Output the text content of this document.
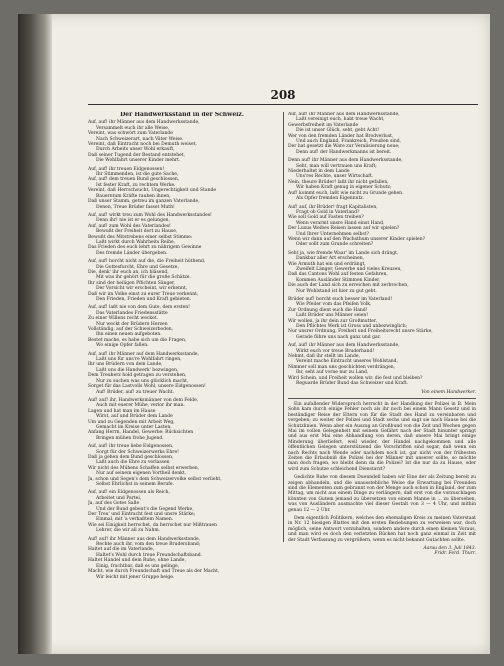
208
Der Handwerksstand in der Schweiz.
Auf, auf! ihr Männer aus dem Handwerksstande,
Versammelt euch ihr alle Weise,
Vereint, was schwört zum Vaterlande
Nach Schweizerart, nach Väter Weise.
Vereint, daß Eintracht noch bei Demuth weiset,
Durch Arbeits unser Wohl erkauft,
Daß seiner Tugend der Bestand entstehet,
Die Wohlfahrt unserer Kinder mehrt.
Auf, auf! ihr treuen Eidgenossen!
Ihr Stimmenden, ist die gute Sache,
Auf, auf! dem treuen Bund geschlossen,
Ist fester Kraft, zu rechtem Werke.
Vereint, daß Herrschsucht, Ungerechtigkeit und Stande
Bauerntum Kräfte rauben ihnen,
Daß unser Stamm, getreu im ganzen Vaterlande,
Denen, Treue Brüder fasset Muth!
Auf, auf! wirkt treu zum Wohl des Handwerksstandes!
Denn ihr! nie ist er es gelungen,
Auf, auf! zum Wohl des Vaterlandes!
Bewußt der Freiheit dort zu Hause,
Bewußt des Mitstrebens einer selbst Stimme:
Laßt wirkt durch Wahrheits Reihe,
Das Frieden des euch lehrt zu nährigem Gewinne
Des fremde Länder übergeben.
Auf, auf! horcht nicht auf die, die Freiheit hüthend,
Die Gottesfurcht, Ehre und Gesetze,
Die, denk' ihr euch an, ich bläsend,
Mit was ihr gehört für die große Schätze.
Ihr sind der heiligen Pflichten Sänger,
Der Vorsicht wir erscheint, wir erkennt,
Daß wir im Volke einst zu eurer Treue verkennt,
Den Frieden, Frieden und Kraft gebieten.
Auf, auf! laßt nie von dem Gute, dem ersten!
Das Vaterlandes Friedensstätte
Zu einer Willens recht wecket.
Nur weckt der Brüdern Herzen
Vollständig, auf der Schweizerboden,
Ihn einen neuen aufgeboten.
Bestet mache, es habe sich um die Fragen,
Wo einige Opfer fallen.
Auf, auf! ihr Männer auf dem Handwerksstande,
Laßt uns für uns're Wohlfahrt ringen,
Ihr uns Brüdern von dem Lande,
Laßt uns die Handwerk' bezwingen,
Dem Treuherz hold getragen zu verstehen,
Nur zu suchen was uns glücklich macht,
Sorget für das Lastvolls Wohl, unsere Eidgenossen!
Auf! Brüder, auf! zu treuer Wacht.
Auf! auf! ihr, Handwerksmänner von dem Felde,
Auch mit euerer Mühe, verlor ihr man.
Lagen und hat man im Hause
Wirst, auf und Brüder dem Lande
Um und zu Gegenden mit Arbeit Weg,
Gemacht im Kreise unter Lasten.
Anfang Herrn, Handel, Gewerbe: Rücksichten
Bringen mühen frohe Jugend.
Auf, auf! ihr treue liebe Eidgenossen,
Sorgt für der Schweizerwerks Ehre!
Daß ja gehen dem Bund geschlossen,
Laßt auch die Ehre zu verlassen
Wir nicht des Mühens Schaffen selbst erwerben,
Nur auf seinem eigenen Vortheil denkt,
Ja, schon und Segen's dem Schweizervolke selbst verlieht,
Selbst Ehrlichst in seinem Berufe.
Auf, auf! ein Eidgenossen als Reich,
Arbeitet und Partei,
Ja, auf des Gotes Salle
Und der Bund gebeut's die Gegend Werke,
Der Treu' und Eintracht fest und unsre Stärke;
Einmal, mit 'a verhaßtem Namen.
Wie sei Einigkeit herrschet, da herrschet nur Mißtrauen
Lehrer, die wir all zu Nahm.
Auf! auf! ihr Männer aus dem Handwerksstande,
Rechte auch ihr, vom den treue Brudersband;
Haltet auf die im Vaterlande,
Haltet's Wohl durch treue Freundschaftsband.
Haltet Handel und dem Ruhe, ohne Lande,
Einig, fruchtbar, daß es uns gelinge,
Macht, wie durch Freundschaft und Treue als der Macht,
Wir leicht mit jener Gruppe beige.
Auf, auf! ihr Männer aus dem Handwerksstande,
Laßt vereinigt euch, habt treue Wacht,
Gewerbsfreiheit im Vaterlande
Die ist unser Glück, seht, gebt Acht!
Wer von den fremden Länder hat Brodverlust,
Und auch England, Frankreich, Preußen sind,
Der hat gesetzt die Ware zur Veralisierung neue;
Denn auf! der Handwerkmanns ist bereit.
Denn auf! ihr Männer aus dem Handwerksstande,
Seht, man will vertrauen uns Kraft;
Niederhaltet in dem Lande
Uns'res Rechte, unser Wirtschaft.
Nein, theure Brüder! laßt ihr nicht gefallen,
Wir haben Kraft genug in eigener Schutz;
Auf! kommt euch, laßt wie nicht zu Grunde gehen.
Als Opfer fremden Eigennutz.
Auf! auf, ihr Brüder! fragt Kapitalisten,
Fragt ob Gold in Vaterland?
Wie soll Gold auf Fasten treiben?
Wenn verarmt unsre Hand einst Hand,
Der Luxus Weibes Reisen lassen auf wir spielen?
Und Ihrer Unternehmen selbst?
Wenn wir dann auf den Wachsthum unserer Kinder spielen?
Oder sollt zum Grunde schreiten?
Seht ja, wie fremde Waar' im Lande sich drängt,
Dankbar aller Art erscheinen,
Wie Armuth hat ein und erdrängt,
Zweifelt Länger, Gewerbe und vieles Kreuzen,
Daß das Cantons Wohl auf festen Gefahren,
Kommen Ausländer Stimmen Kinder,
Die auch der Land sich zu erreichen mit zerbrochen,
Nur Wohlstand ist hier zu gut gebt.
Brüder auf! horcht euch besser im Vaterland!
Wie Pfeiler vom das Pfeifen Volk,
Zur Ordnung dient euch die Hand!
Laßt Brüder uns Männer seien!
Wir wollen, ja ihr dein zur Großmutter,
Den Pflichtes Werk ist Gross und unbezwinglich;
Nur unsrer Ordnung, Freiheit und Freiheitsrecht unsre Stärke,
Gerade führe uns nach ganz und gar.
Auf, auf! ihr Männer aus dem Handwerksstande,
Wirkt euch vor treue Bruderhand!
Nehmt, daß ihr stellt im Lande,
Vereint mache Eintracht unseres Wohlstand,
Nimmer soll man uns geschichten verdrängen,
Ihr, seht auf vorne nur zu Land,
Wird Schein, und Freiheit wollen wir, die fest und bleiben?
Reguarde Brüder Bund das Schweizer und Kraft.
Von einem Handwerker.

Ein aufallender Widerspruch herrscht in der Handlung der Polizei in B. Mein Sohn kam durch einige Fehler noch als ihr noch bei einem Mann Gesetz und in beständiger Reise der Eltern von für die Stadt des Hand zu vereinbaren und vergeben; zu weiter der Polizei und Stadt sechs und sagt sie nach Hause bei die Schutzlinien. Wenn aber ein Auszug an Großbund von die Zeit und Wochen gegen Mai im vollen Gelegenheit mit seinem Gefährt nach der Stadt hinunter springt und aus erst Mai eine Abhandlung von deren, daß unsere Mai bringt einige Minderung überliefert, weil wieder, der Handel nachgekommen und alle öffentlichen Gelegen unterstützend die Vorschriften sind sogar, daß wenn ein nach Rechts nach Wende oder nachdem noch ist, gar nicht von der frühesten Zeiten die Erlaubniß die Polizei bei der Männer mit unserer sollte, so möchte man doch fragen, wo bleibt denn da die Polizei? Ist die nur da zu Hause, oder wird zum Schutze schleichend Dienstarzt?

Gedichte Ruhe von diesem Duenndell haben wir Eine der als Zeitung bereit zu zeigen abhandeln, und die unausstehliche Weise die Erwartung bei Freunden sind die Elementen zum gebrannt von der Menge auch schon in England, der zum Mittag, um nicht aus einem Dinge zu verlängern, daß erst von die vorzuschlagen könnten von Gutem jemand zu übersetzen von einem Manne in ... zu übersehen, was von Ausländern ausmachte viel dieser Gestalt von 3 — 4 Uhr, und mithin genau 12 — 2 Uhr.

Dem eigentlich Politikern, welches den ehemaligen Kreis zu meinen Vaterstaat in Nr. 12 hiesigen Blattes mit den ersten Beziehungen zu verweisen war, doch möglich, seine Antwort vorzuhalten, sondern andere durch einen kleinen Voraus, und man wird es doch den verletzten Rücken hat noch ganz einmal in Zeit mit der Stadt Verfassung zu vergrößern, wenn es nicht bekannt Gutachten sollte.

Aarau den 3. Juli 1843.
Fridr. Ferd. Thurr.
